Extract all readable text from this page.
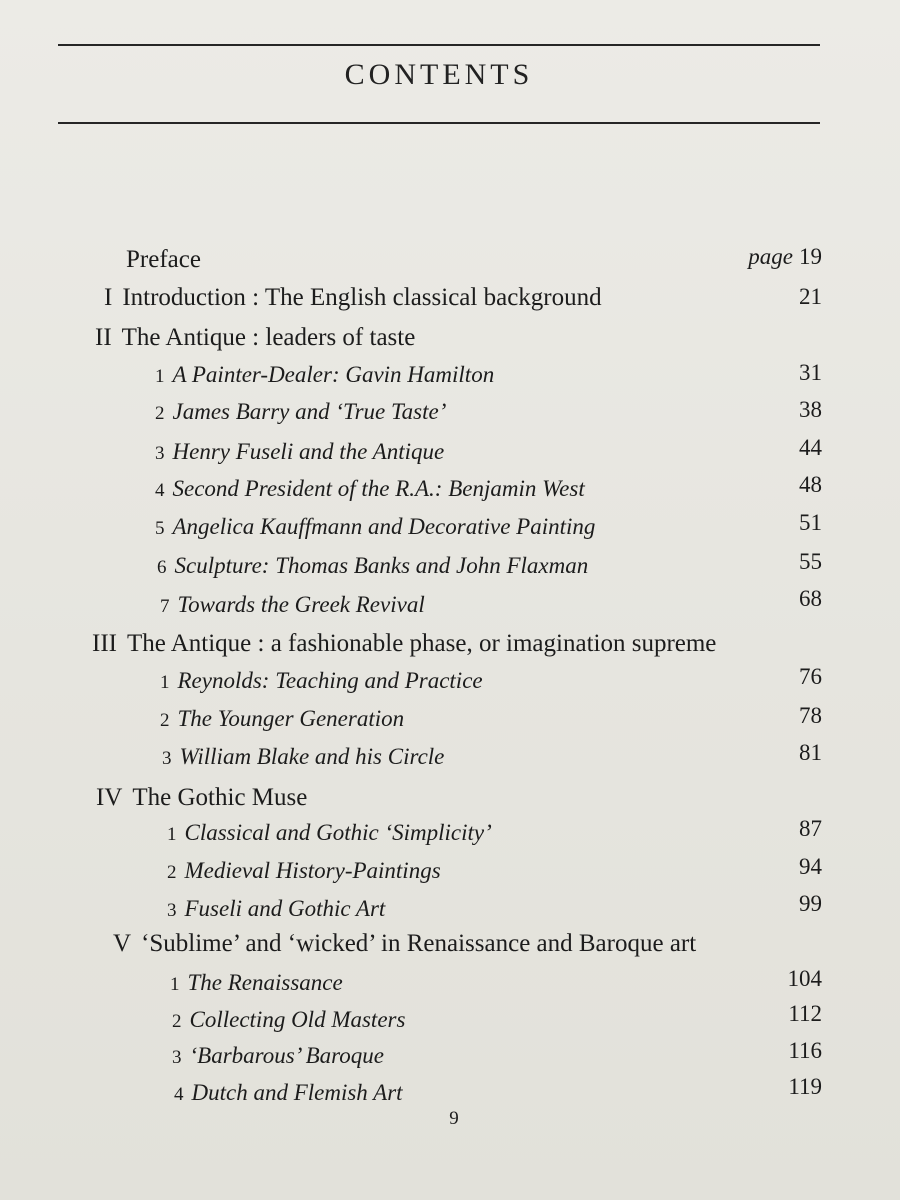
CONTENTS
Preface	page 19
I Introduction : The English classical background	21
II The Antique : leaders of taste
1 A Painter-Dealer: Gavin Hamilton	31
2 James Barry and ‘True Taste’	38
3 Henry Fuseli and the Antique	44
4 Second President of the R.A.: Benjamin West	48
5 Angelica Kauffmann and Decorative Painting	51
6 Sculpture: Thomas Banks and John Flaxman	55
7 Towards the Greek Revival	68
III The Antique : a fashionable phase, or imagination supreme
1 Reynolds: Teaching and Practice	76
2 The Younger Generation	78
3 William Blake and his Circle	81
IV The Gothic Muse
1 Classical and Gothic ‘Simplicity’	87
2 Medieval History-Paintings	94
3 Fuseli and Gothic Art	99
V ‘Sublime’ and ‘wicked’ in Renaissance and Baroque art
1 The Renaissance	104
2 Collecting Old Masters	112
3 ‘Barbarous’ Baroque	116
4 Dutch and Flemish Art	119
9
